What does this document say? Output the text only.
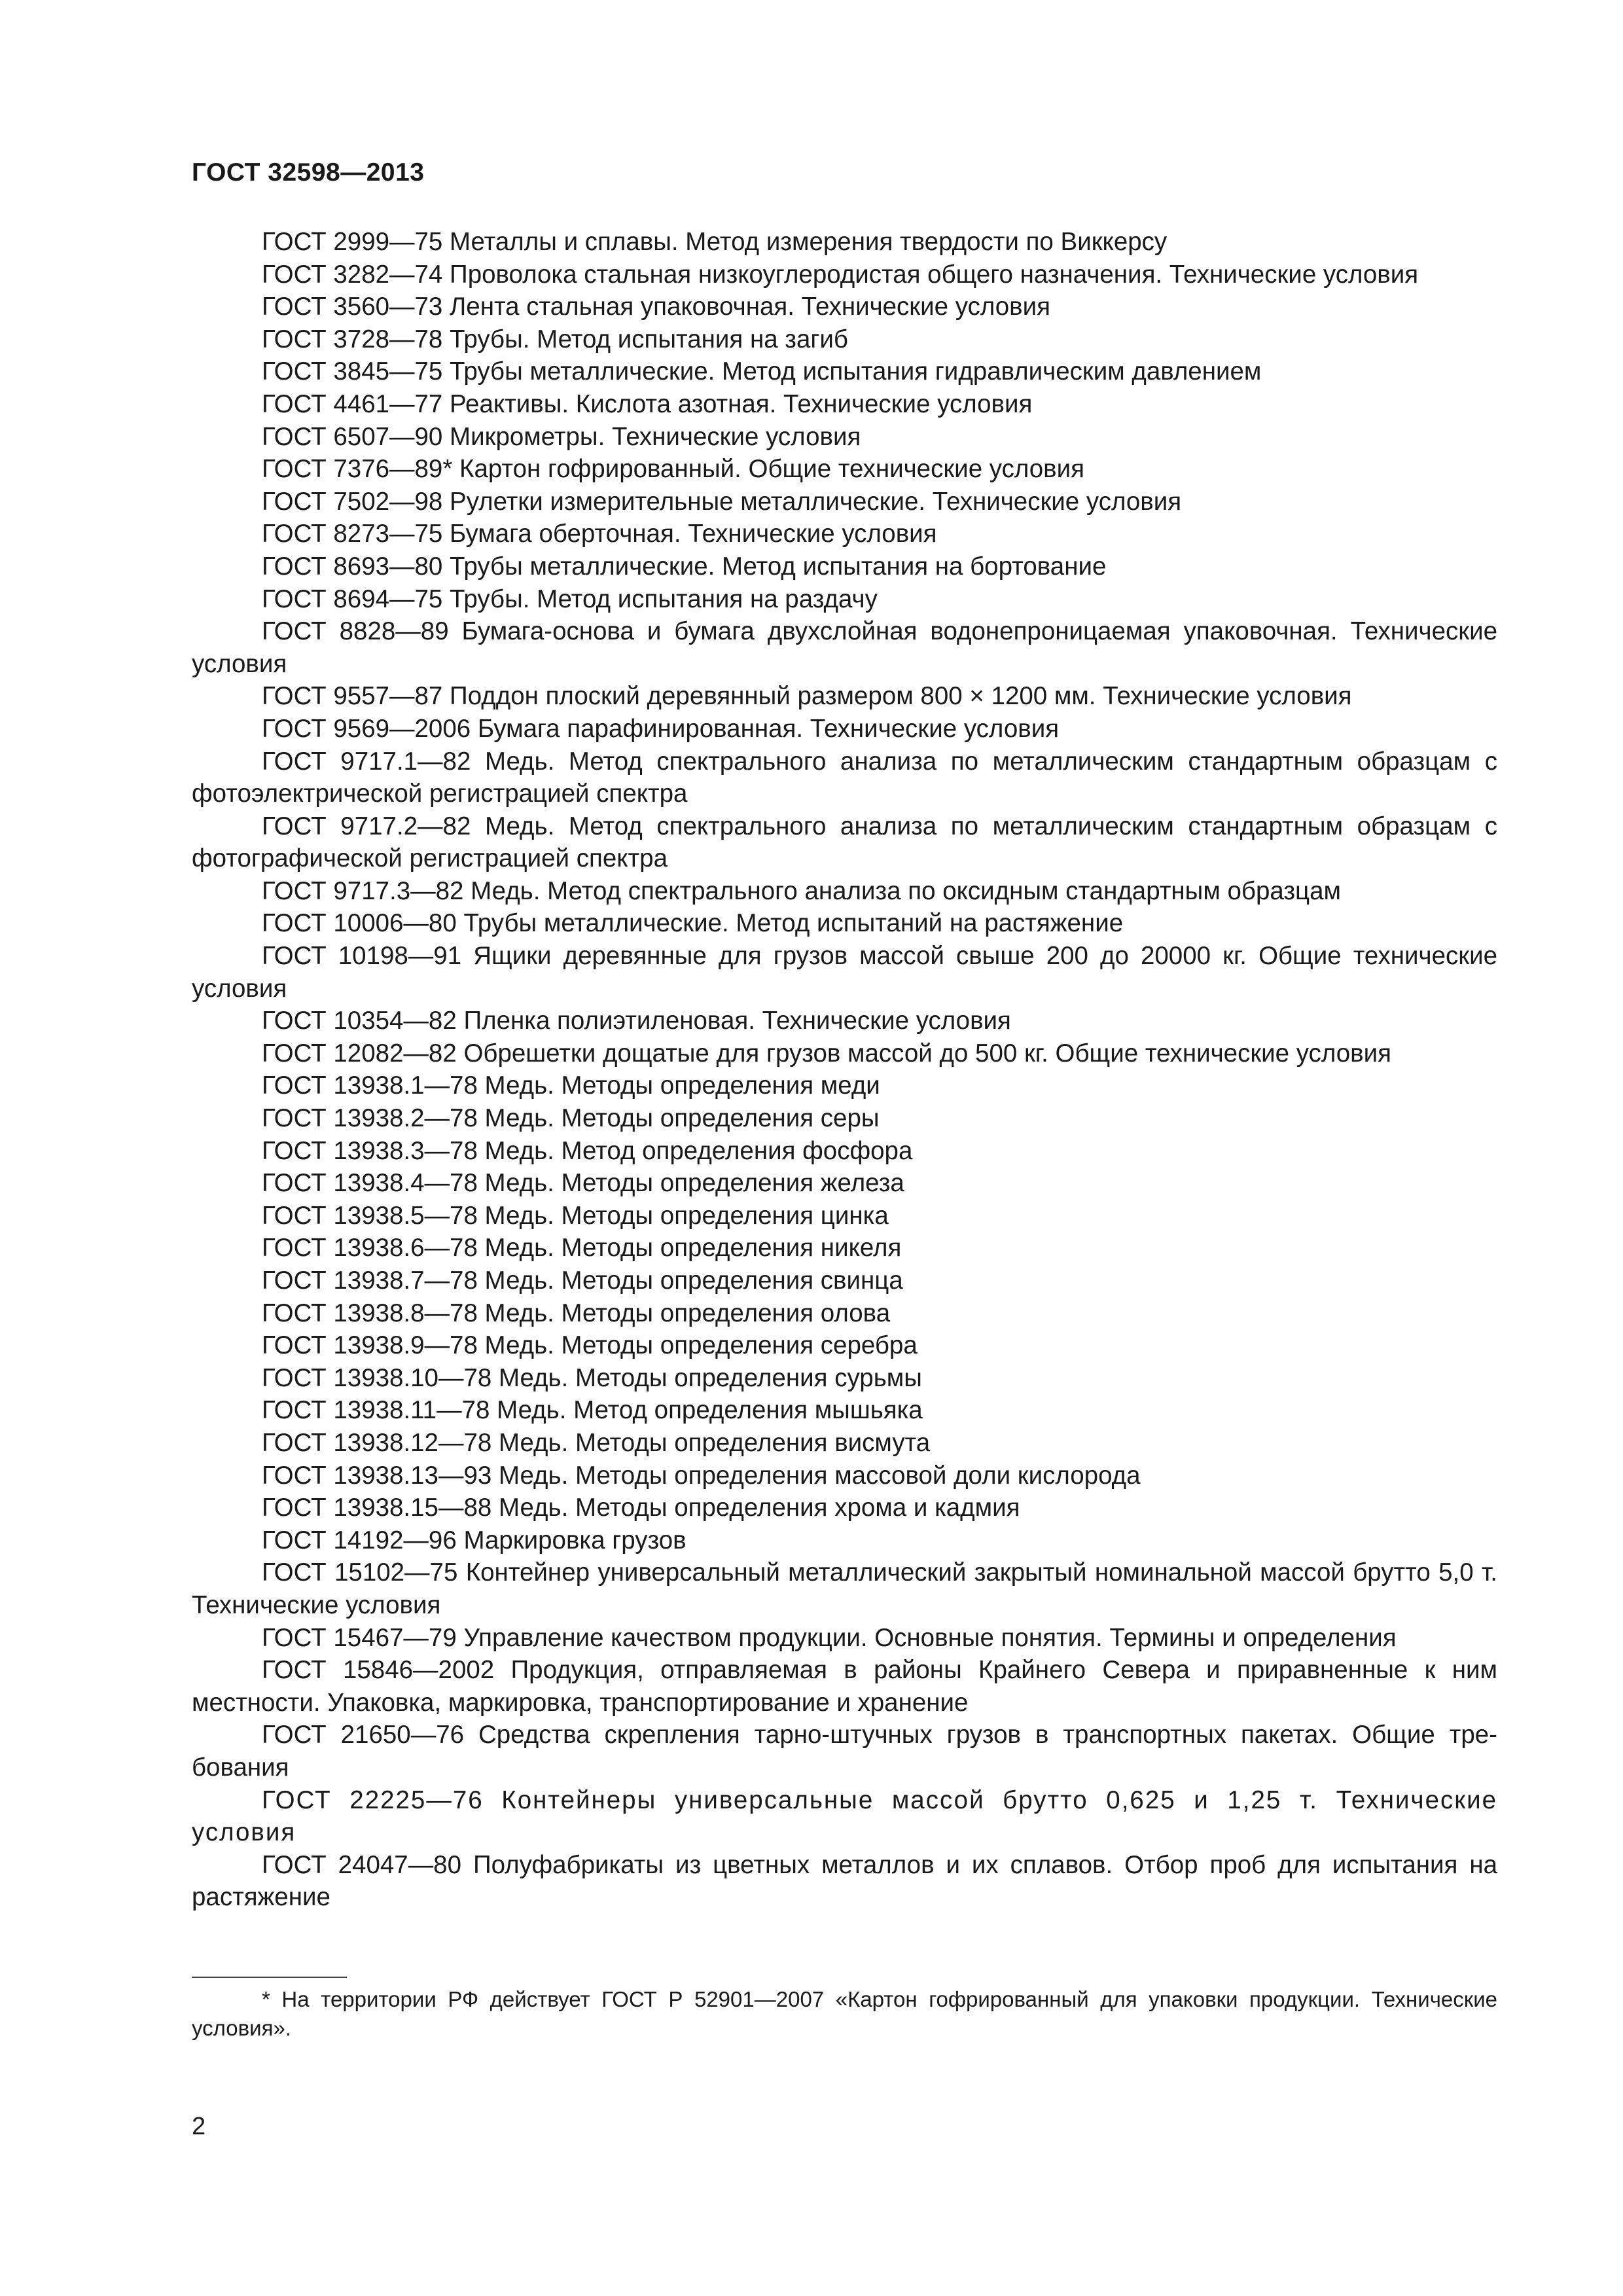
ГОСТ 32598—2013

ГОСТ 2999—75 Металлы и сплавы. Метод измерения твердости по Виккерсу

ГОСТ 3282—74 Проволока стальная низкоуглеродистая общего назначения. Технические условия

ГОСТ 3560—73 Лента стальная упаковочная. Технические условия

ГОСТ 3728—78 Трубы. Метод испытания на загиб

ГОСТ 3845—75 Трубы металлические. Метод испытания гидравлическим давлением

ГОСТ 4461—77 Реактивы. Кислота азотная. Технические условия

ГОСТ 6507—90 Микрометры. Технические условия

ГОСТ 7376—89* Картон гофрированный. Общие технические условия

ГОСТ 7502—98 Рулетки измерительные металлические. Технические условия

ГОСТ 8273—75 Бумага оберточная. Технические условия

ГОСТ 8693—80 Трубы металлические. Метод испытания на бортование

ГОСТ 8694—75 Трубы. Метод испытания на раздачу

ГОСТ 8828—89 Бумага-основа и бумага двухслойная водонепроницаемая упаковочная. Технические условия

ГОСТ 9557—87 Поддон плоский деревянный размером 800 × 1200 мм. Технические условия

ГОСТ 9569—2006 Бумага парафинированная. Технические условия

ГОСТ 9717.1—82 Медь. Метод спектрального анализа по металлическим стандартным образцам с фотоэлектрической регистрацией спектра

ГОСТ 9717.2—82 Медь. Метод спектрального анализа по металлическим стандартным образцам с фотографической регистрацией спектра

ГОСТ 9717.3—82 Медь. Метод спектрального анализа по оксидным стандартным образцам

ГОСТ 10006—80 Трубы металлические. Метод испытаний на растяжение

ГОСТ 10198—91 Ящики деревянные для грузов массой свыше 200 до 20000 кг. Общие технические условия

ГОСТ 10354—82 Пленка полиэтиленовая. Технические условия

ГОСТ 12082—82 Обрешетки дощатые для грузов массой до 500 кг. Общие технические условия

ГОСТ 13938.1—78 Медь. Методы определения меди

ГОСТ 13938.2—78 Медь. Методы определения серы

ГОСТ 13938.3—78 Медь. Метод определения фосфора

ГОСТ 13938.4—78 Медь. Методы определения железа

ГОСТ 13938.5—78 Медь. Методы определения цинка

ГОСТ 13938.6—78 Медь. Методы определения никеля

ГОСТ 13938.7—78 Медь. Методы определения свинца

ГОСТ 13938.8—78 Медь. Методы определения олова

ГОСТ 13938.9—78 Медь. Методы определения серебра

ГОСТ 13938.10—78 Медь. Методы определения сурьмы

ГОСТ 13938.11—78 Медь. Метод определения мышьяка

ГОСТ 13938.12—78 Медь. Методы определения висмута

ГОСТ 13938.13—93 Медь. Методы определения массовой доли кислорода

ГОСТ 13938.15—88 Медь. Методы определения хрома и кадмия

ГОСТ 14192—96 Маркировка грузов

ГОСТ 15102—75 Контейнер универсальный металлический закрытый номинальной массой брутто 5,0 т. Технические условия

ГОСТ 15467—79 Управление качеством продукции. Основные понятия. Термины и определения

ГОСТ 15846—2002 Продукция, отправляемая в районы Крайнего Севера и приравненные к ним местности. Упаковка, маркировка, транспортирование и хранение

ГОСТ 21650—76 Средства скрепления тарно-штучных грузов в транспортных пакетах. Общие требования

ГОСТ 22225—76 Контейнеры универсальные массой брутто 0,625 и 1,25 т. Технические условия

ГОСТ 24047—80 Полуфабрикаты из цветных металлов и их сплавов. Отбор проб для испытания на растяжение

* На территории РФ действует ГОСТ Р 52901—2007 «Картон гофрированный для упаковки продукции. Технические условия».

2
